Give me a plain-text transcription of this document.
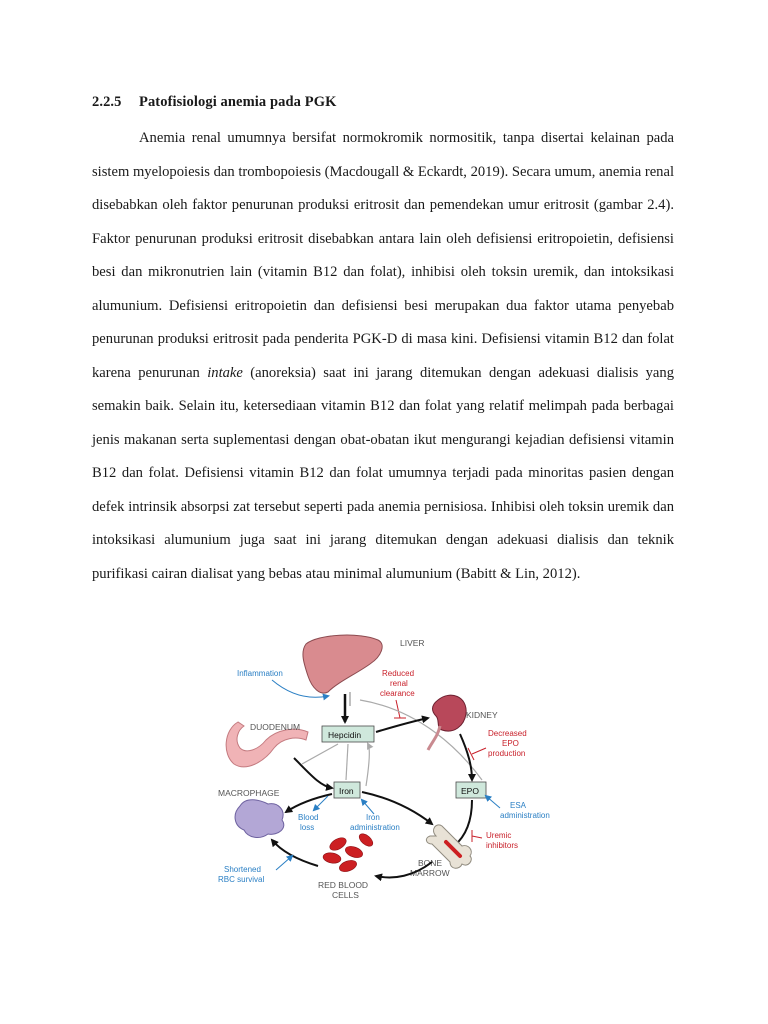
2.2.5 Patofisiologi anemia pada PGK

Anemia renal umumnya bersifat normokromik normositik, tanpa disertai kelainan pada sistem myelopoiesis dan trombopoiesis (Macdougall & Eckardt, 2019). Secara umum, anemia renal disebabkan oleh faktor penurunan produksi eritrosit dan pemendekan umur eritrosit (gambar 2.4). Faktor penurunan produksi eritrosit disebabkan antara lain oleh defisiensi eritropoietin, defisiensi besi dan mikronutrien lain (vitamin B12 dan folat), inhibisi oleh toksin uremik, dan intoksikasi alumunium. Defisiensi eritropoietin dan defisiensi besi merupakan dua faktor utama penyebab penurunan produksi eritrosit pada penderita PGK-D di masa kini. Defisiensi vitamin B12 dan folat karena penurunan intake (anoreksia) saat ini jarang ditemukan dengan adekuasi dialisis yang semakin baik. Selain itu, ketersediaan vitamin B12 dan folat yang relatif melimpah pada berbagai jenis makanan serta suplementasi dengan obat-obatan ikut mengurangi kejadian defisiensi vitamin B12 dan folat. Defisiensi vitamin B12 dan folat umumnya terjadi pada minoritas pasien dengan defek intrinsik absorpsi zat tersebut seperti pada anemia pernisiosa. Inhibisi oleh toksin uremik dan intoksikasi alumunium juga saat ini jarang ditemukan dengan adekuasi dialisis dan teknik purifikasi cairan dialisat yang bebas atau minimal alumunium (Babitt & Lin, 2012).

LIVER
Inflammation	Reduced
renal
clearance
KIDNEY
DUODENUM
Hepcidin	Decreased
EPO
production
MACROPHAGE	Iron	EPO
Blood
loss
Iron
administration
ESA
administration
BONE
MARROW
Uremic
inhibitors
RED BLOOD
CELLS
Shortened
RBC survival
